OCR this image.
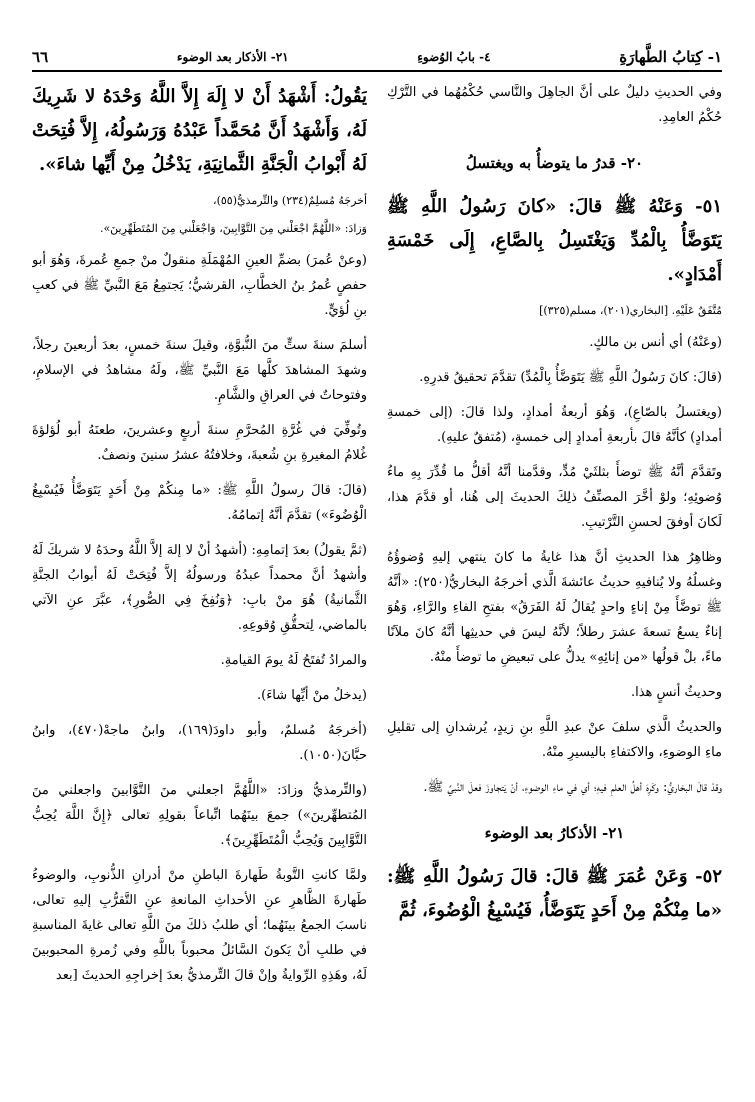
١- كِتابُ الطَّهارَةِ
٤- بابُ الوُضوءِ
٢١- الأذكار بعد الوضوء
٦٦

وفي الحديثِ دليلٌ على أنَّ الجاهِلَ والنَّاسي حُكْمُهُما في التَّرْكِ حُكْمُ العامِدِ.

٢٠- قدرُ ما يتوضأُ به ويغتسلُ

٥١- وَعَنْهُ ﷺ قالَ: «كانَ رَسُولُ اللَّهِ ﷺ يَتَوَضَّأُ بِالْمُدِّ وَيَغْتَسِلُ بِالصَّاعِ، إِلَى خَمْسَةِ أَمْدَادٍ».

مُتَّفَقٌ عَلَيْهِ. [البخاري(٢٠١)، مسلم(٣٢٥)]

(وعَنْهُ) أي أنس بن مالكٍ.

(قالَ: كانَ رَسُولُ اللَّهِ ﷺ يَتَوَضَّأُ بِالْمُدِّ) تقدَّمَ تحقيقُ قدرِهِ.

(ويغتسلُ بالصّاعِ)، وَهُوَ أربعةُ أمدادٍ، ولذا قالَ: (إلى خمسةِ أمدادٍ) كأنَّهُ قالَ بأربعةِ أمدادٍ إلى خمسةٍ، (مُتفقٌ عليهِ).

وتَقدَّمَ أنَّهُ ﷺ توضأَ بثلثَيْ مُدٍّ، وقدَّمنا أنَّهُ أقلُّ ما قُدِّرَ بِهِ ماءُ وُضوئِهِ؛ ولوْ أخَّرَ المصنِّفُ ذلِكَ الحديثَ إلى هُنا، أو قدَّمَ هذا، لَكانَ أوفقَ لحسنِ التَّرْتيبِ.

وظاهِرُ هذا الحديثِ أنَّ هذا غايةُ ما كانَ ينتهي إليهِ وُضوؤُهُ وغسلُهُ ولا يُنافيهِ حديثُ عائشةَ الَّذي أخرجَهُ البخاريُّ(٢٥٠): «أنَّهُ ﷺ توضَّأَ مِنْ إناءٍ واحدٍ يُقالُ لَهُ الفَرَقُ» بفتحِ الفاءِ والرَّاءِ، وَهُوَ إناءٌ يسعُ تسعةَ عشرَ رطلاً؛ لأنَّهُ ليسَ في حديثِها أنَّهُ كانَ ملآنًا ماءً، بلْ قولُها «من إنائِهِ» يدلُّ على تبعيضِ ما توضأَ منْهُ.

وحديثُ أنسٍ هذا.

والحديثُ الَّذي سلفَ عنْ عبدِ اللَّهِ بنِ زيدٍ، يُرشدانِ إلى تقليلِ ماءِ الوضوءِ، والاكتفاءِ باليسيرِ منْهُ.

وقدْ قالَ البخاريُّ: وكَرِهَ أهلُ العلمِ فيهِ؛ أي في ماءِ الوضوءِ، أنْ يَتجاوزَ فعلَ النَّبيِّ ﷺ.

٢١- الأذكارُ بعد الوضوء

٥٢- وَعَنْ عُمَرَ ﷺ قالَ: قالَ رَسُولُ اللَّهِ ﷺ: «ما مِنْكُمْ مِنْ أَحَدٍ يَتَوَضَّأُ، فَيُسْبِغُ الْوُضُوءَ، ثُمَّ

يَقُولُ: أَشْهَدُ أَنْ لا إِلَهَ إِلاَّ اللَّهُ وَحْدَهُ لا شَرِيكَ لَهُ، وَأَشْهَدُ أَنَّ مُحَمَّداً عَبْدُهُ وَرَسُولُهُ، إِلاَّ فُتِحَتْ لَهُ أَبْوابُ الْجَنَّةِ الثَّمانِيَةِ، يَدْخُلُ مِنْ أَيِّها شاءَ».

أخرجَهُ مُسلِمٌ(٢٣٤) والتِّرمذيُّ(٥٥)،

وَزادَ: «اللَّهُمَّ اجْعَلْني مِنَ التَّوَّابِينَ، وَاجْعَلْني مِنَ المُتَطَهِّرِينَ».

(وعنْ عُمرَ) بضمِّ العينِ المُهْمَلَةِ منقولٌ منْ جمعِ عُمرةَ، وَهُوَ أبو حفصٍ عُمرُ بنُ الخطَّابِ، القرشيُّ؛ يَجتمِعُ مَعَ النَّبيِّ ﷺ في كعبِ بنِ لُؤيٍّ.

أسلمَ سنةَ ستٍّ منَ النُّبوَّةِ، وقيلَ سنةَ خمسٍ، بعدَ أربعينَ رجلاً، وشهدَ المشاهدَ كلَّها مَعَ النَّبيِّ ﷺ، ولَهُ مشاهدُ في الإسلامِ، وفتوحاتٌ في العراقِ والشَّامِ.

وتُوفِّيَ في غُرَّةِ المُحرَّمِ سنةَ أربعٍ وعشرينَ، طعنَهُ أبو لُؤلؤةَ غُلامُ المغيرةِ بنِ شُعبةَ، وخلافتُهُ عشرُ سنينَ ونصفٌ.

(قالَ: قالَ رسولُ اللَّهِ ﷺ: «ما مِنكُمْ مِنْ أَحَدٍ يَتَوَضَّأُ فَيُسْبِغُ الْوُضُوءَ») تقدَّمَ أنَّهُ إتمامُهُ.

(ثمَّ يقولُ) بعدَ إتمامِهِ: (أشهدُ أنْ لا إلهَ إلاَّ اللَّهُ وحدَهُ لا شريكَ لَهُ وأشهدُ أنَّ محمداً عبدُهُ ورسولُهُ إلاَّ فُتِحَتْ لَهُ أبوابُ الجنَّةِ الثَّمانيةُ) هُوَ منْ بابِ: ﴿وَنُفِخَ فِي الصُّورِ﴾، عبَّرَ عنِ الآتي بالماضي، لِتحقُّقِ وُقوعِهِ.

والمرادُ تُفتَحُ لَهُ يومَ القيامةِ.

(يدخلُ منْ أيِّها شاءَ).

(أخرجَهُ مُسلمٌ، وأبو داودَ(١٦٩)، وابنُ ماجهْ(٤٧٠)، وابنُ حبَّانَ(١٠٥٠).

(والتِّرمذيُّ وزادَ: «اللَّهُمَّ اجعلني منَ التَّوَّابينَ واجعلني منَ المُتطهِّرينَ») جمعَ بينَهُما اتِّباعاً بقولِهِ تعالى ﴿إِنَّ اللَّهَ يُحِبُّ التَّوَّابِينَ وَيُحِبُّ الْمُتَطَهِّرِينَ﴾.

ولمَّا كانتِ التَّوبةُ طَهارةَ الباطنِ منْ أدرانِ الذُّنوبِ، والوضوءُ طَهارةَ الظَّاهرِ عنِ الأحداثِ المانعةِ عنِ التَّقرُّبِ إليهِ تعالى، ناسبَ الجمعُ بينَهُما؛ أي طلبُ ذلكَ منَ اللَّهِ تعالى غايةَ المناسبةِ في طلبِ أنْ يَكونَ السَّائلُ محبوباً باللَّهِ وفي زُمرةِ المحبوبينَ لَهُ، وهَذِهِ الرِّوايةُ وإنْ قالَ التِّرمذيُّ بعدَ إخراجِهِ الحديثَ [بعد
